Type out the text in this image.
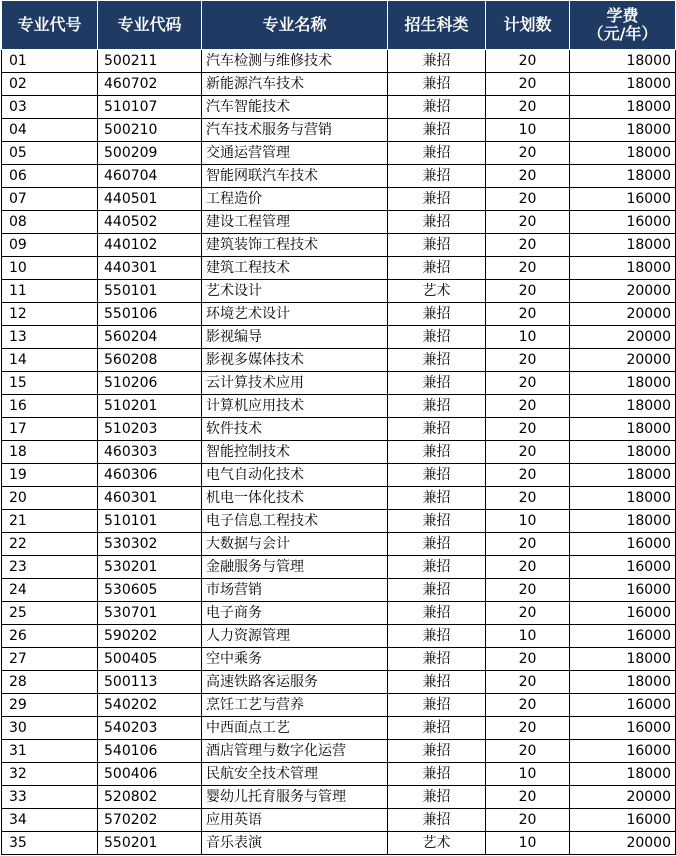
专业代号	专业代码	专业名称	招生科类	计划数	学费
（元/年）

01	500211	汽车检测与维修技术	兼招	20	18000
02	460702	新能源汽车技术	兼招	20	18000
03	510107	汽车智能技术	兼招	20	18000
04	500210	汽车技术服务与营销	兼招	10	18000
05	500209	交通运营管理	兼招	20	18000
06	460704	智能网联汽车技术	兼招	20	18000
07	440501	工程造价	兼招	20	16000
08	440502	建设工程管理	兼招	20	16000
09	440102	建筑装饰工程技术	兼招	20	18000
10	440301	建筑工程技术	兼招	20	18000
11	550101	艺术设计	艺术	20	20000
12	550106	环境艺术设计	兼招	20	20000
13	560204	影视编导	兼招	10	20000
14	560208	影视多媒体技术	兼招	20	20000
15	510206	云计算技术应用	兼招	20	18000
16	510201	计算机应用技术	兼招	20	18000
17	510203	软件技术	兼招	20	18000
18	460303	智能控制技术	兼招	20	18000
19	460306	电气自动化技术	兼招	20	18000
20	460301	机电一体化技术	兼招	20	18000
21	510101	电子信息工程技术	兼招	10	18000
22	530302	大数据与会计	兼招	20	16000
23	530201	金融服务与管理	兼招	20	16000
24	530605	市场营销	兼招	20	16000
25	530701	电子商务	兼招	20	16000
26	590202	人力资源管理	兼招	10	16000
27	500405	空中乘务	兼招	20	18000
28	500113	高速铁路客运服务	兼招	20	18000
29	540202	烹饪工艺与营养	兼招	20	16000
30	540203	中西面点工艺	兼招	20	16000
31	540106	酒店管理与数字化运营	兼招	20	16000
32	500406	民航安全技术管理	兼招	10	18000
33	520802	婴幼儿托育服务与管理	兼招	20	20000
34	570202	应用英语	兼招	20	16000
35	550201	音乐表演	艺术	10	20000
